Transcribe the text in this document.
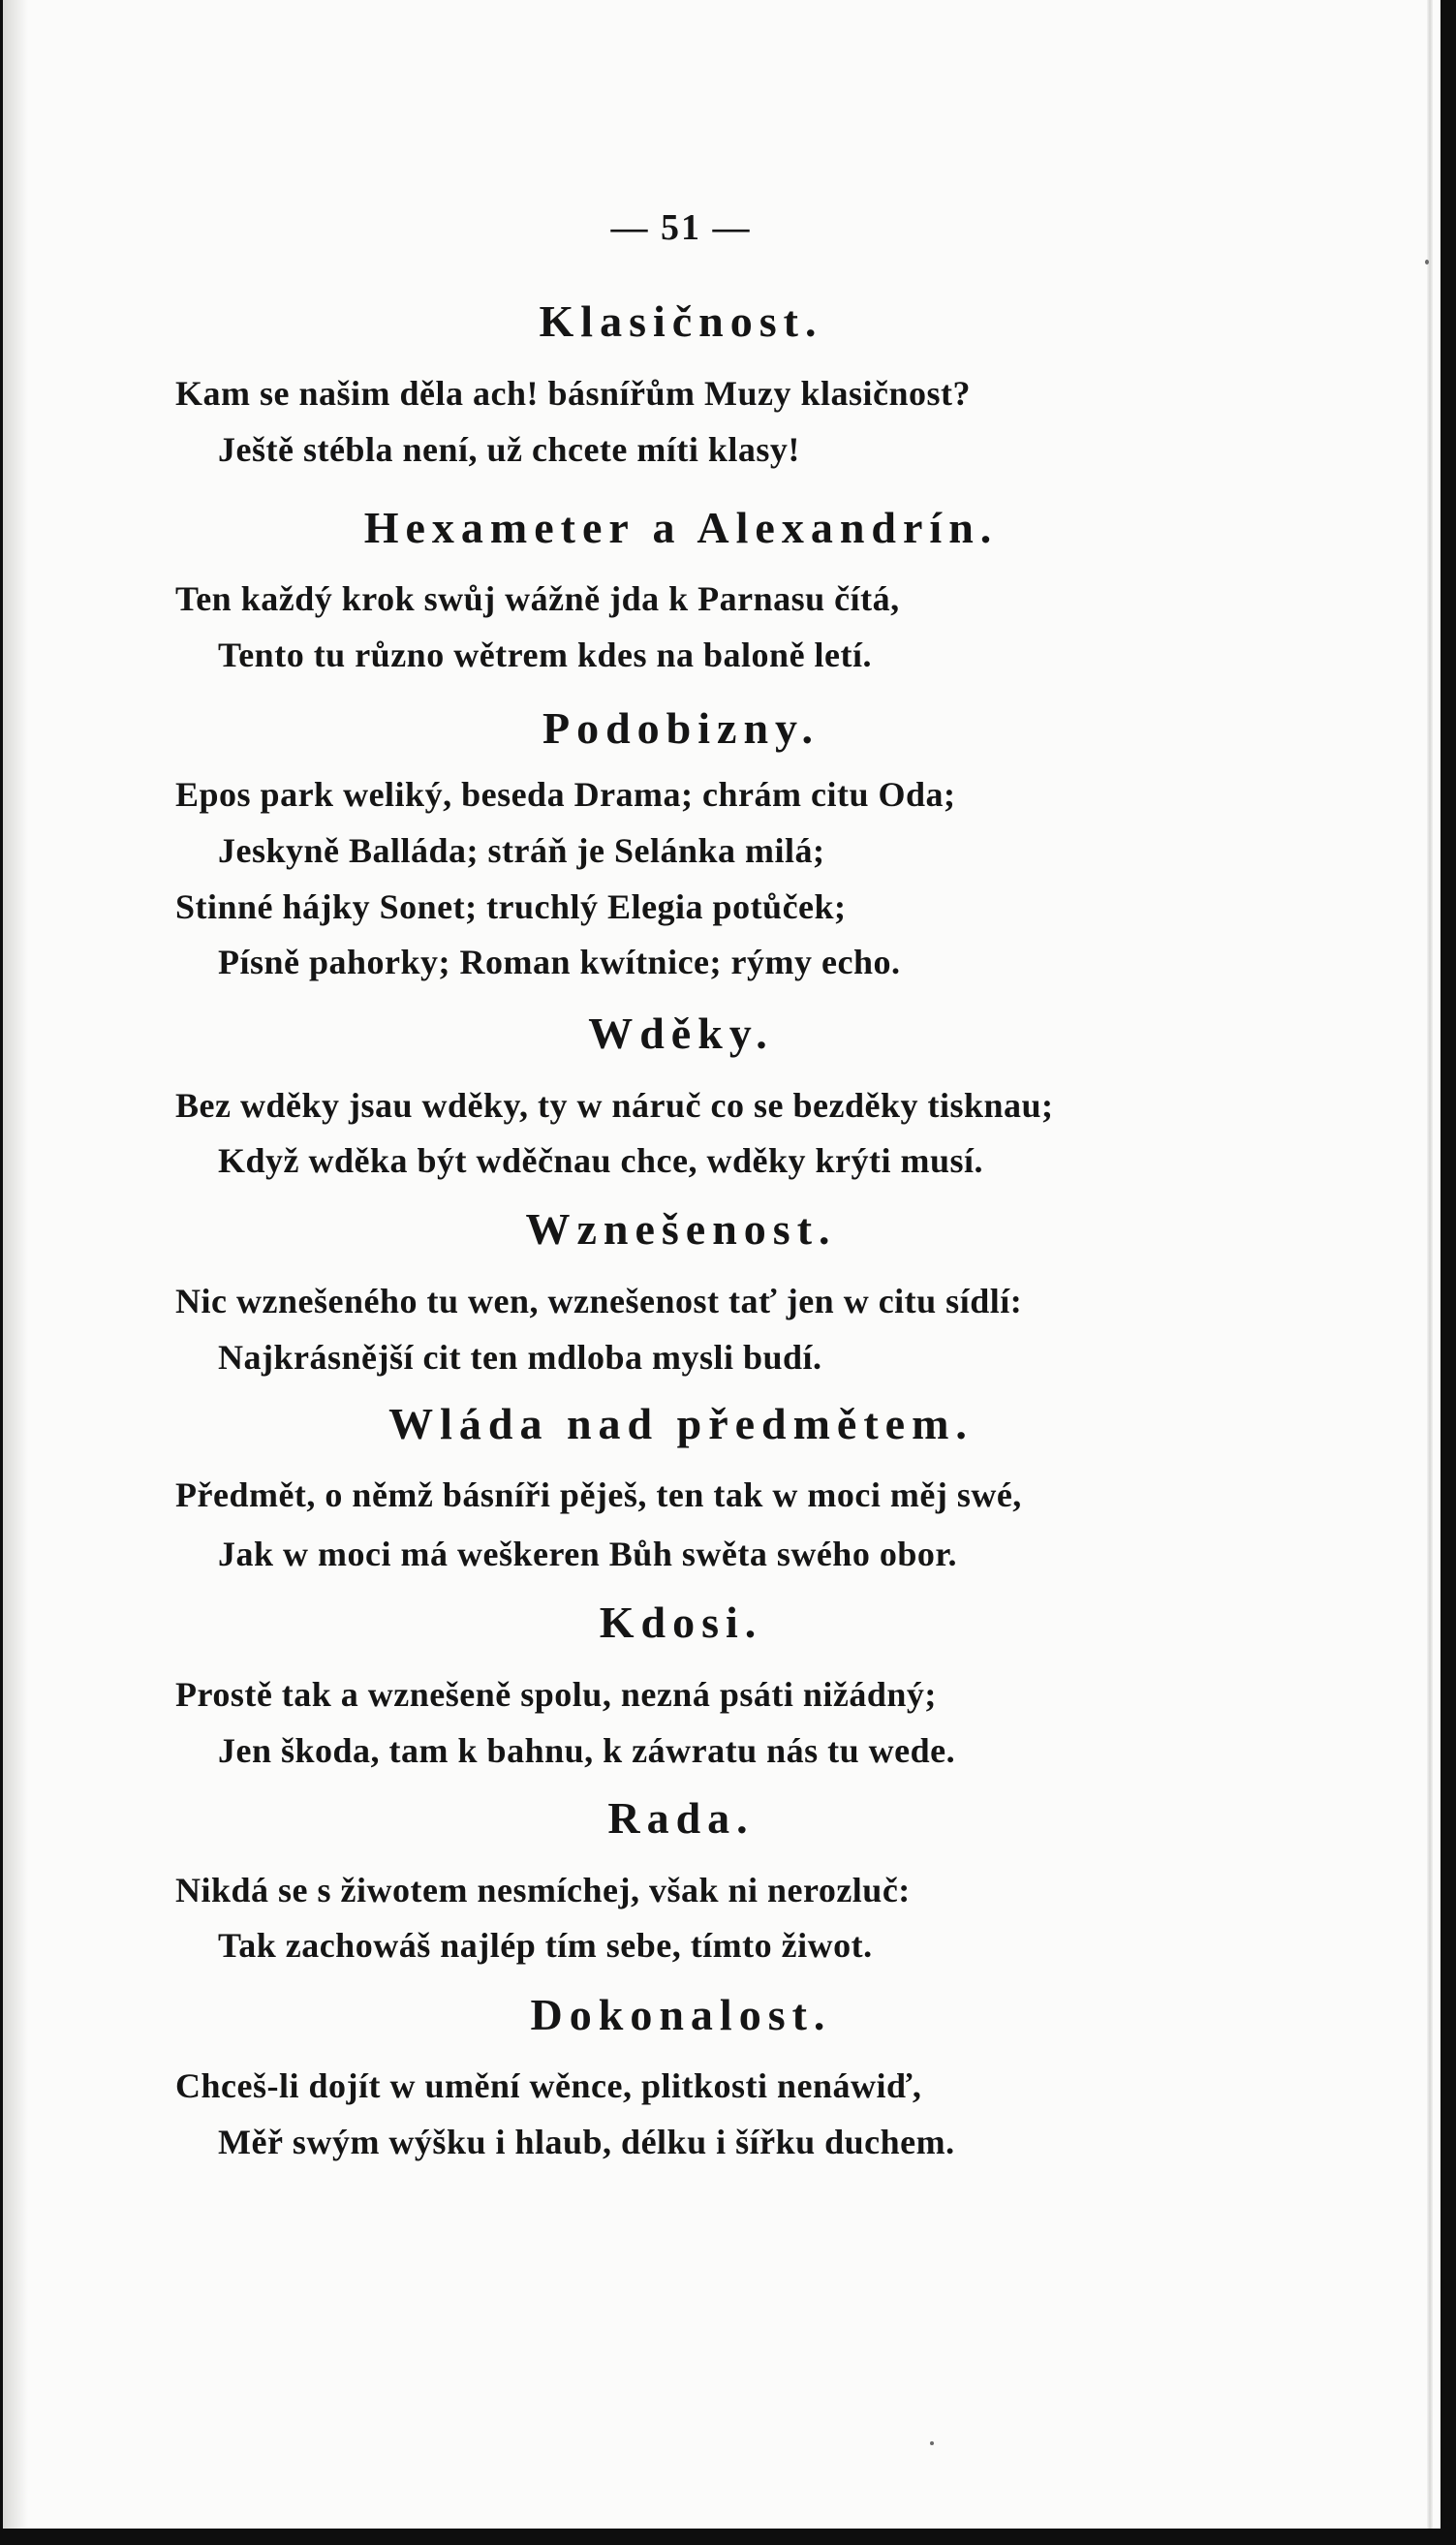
— 51 —
Klasičnost.
Kam se našim děla ach! básnířům Muzy klasičnost?
Ještě stébla není, už chcete míti klasy!
Hexameter a Alexandrín.
Ten každý krok swůj wážně jda k Parnasu čítá,
Tento tu různo wětrem kdes na baloně letí.
Podobizny.
Epos park weliký, beseda Drama; chrám citu Oda;
Jeskyně Balláda; stráň je Selánka milá;
Stinné hájky Sonet; truchlý Elegia potůček;
Písně pahorky; Roman kwítnice; rýmy echo.
Wděky.
Bez wděky jsau wděky, ty w náruč co se bezděky tisknau;
Když wděka být wděčnau chce, wděky krýti musí.
Wznešenost.
Nic wznešeného tu wen, wznešenost tať jen w citu sídlí:
Najkrásnější cit ten mdloba mysli budí.
Wláda nad předmětem.
Předmět, o němž básníři pěješ, ten tak w moci měj swé,
Jak w moci má weškeren Bůh swěta swého obor.
Kdosi.
Prostě tak a wznešeně spolu, nezná psáti nižádný;
Jen škoda, tam k bahnu, k záwratu nás tu wede.
Rada.
Nikdá se s žiwotem nesmíchej, však ni nerozluč:
Tak zachowáš najlép tím sebe, tímto žiwot.
Dokonalost.
Chceš-li dojít w umění wěnce, plitkosti nenáwiď,
Měř swým wýšku i hlaub, délku i šířku duchem.
